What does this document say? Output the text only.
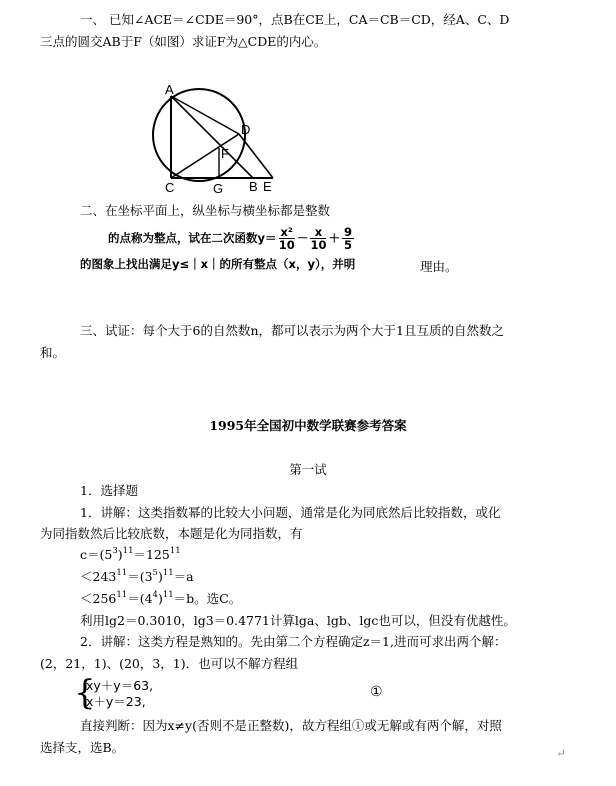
一、 已知∠ACE＝∠CDE＝90°，点B在CE上，CA＝CB＝CD，经A、C、D
三点的圆交AB于F（如图）求证F为△CDE的内心。
A
C
D
F
G B E
二、在坐标平面上，纵坐标与横坐标都是整数
的点称为整点，试在二次函数$y= \frac{\text{x²}}{10} - \frac{x}{10} + \frac{9}{5}$
的图象上找出满足y≤｜x｜的所有整点（x，y），并明	理由。
三、试证：每个大于6的自然数n，都可以表示为两个大于1且互质的自然数之
和。
1995年全国初中数学联赛参考答案
第一试
1．选择题
1．讲解：这类指数幂的比较大小问题，通常是化为同底然后比较指数，或化
为同指数然后比较底数，本题是化为同指数，有
$c=(5^3)^{11}=125^{11}$
$<243^{11}=(3^5)^{11}=a$
$<256^{11}=(4^4)^{11}=b$。选C。
利用lg2＝0.3010，lg3＝0.4771计算lga、lgb、lgc也可以，但没有优越性。
2．讲解：这类方程是熟知的。先由第二个方程确定z＝1,进而可求出两个解：
(2，21，1)、(20，3，1)．也可以不解方程组
{
xy＋y＝63,
x＋y＝23,
①
直接判断：因为x≠y(否则不是正整数)，故方程组①或无解或有两个解，对照
选择支，选B。	↵
